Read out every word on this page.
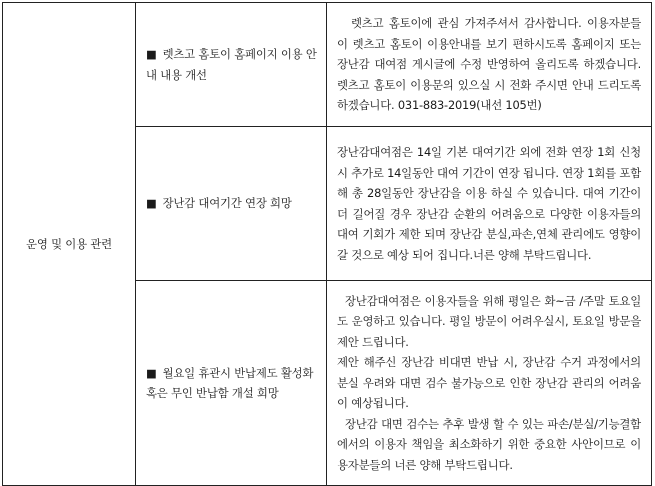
운영 및 이용 관련	■ 렛츠고 홈토이 홈페이지 이용 안내 내용 개선	렛츠고 홈토이에 관심 가져주셔서 감사합니다. 이용자분들이 렛츠고 홈토이 이용안내를 보기 편하시도록 홈페이지 또는 장난감 대여점 게시글에 수정 반영하여 올리도록 하겠습니다. 렛츠고 홈토이 이용문의 있으실 시 전화 주시면 안내 드리도록 하겠습니다. 031-883-2019(내선 105번)

	■ 장난감 대여기간 연장 희망	장난감대여점은 14일 기본 대여기간 외에 전화 연장 1회 신청 시 추가로 14일동안 대여 기간이 연장 됩니다. 연장 1회를 포함해 총 28일동안 장난감을 이용 하실 수 있습니다. 대여 기간이 더 길어질 경우 장난감 순환의 어려움으로 다양한 이용자들의 대여 기회가 제한 되며 장난감 분실,파손,연체 관리에도 영향이 갈 것으로 예상 되어 집니다.너른 양해 부탁드립니다.

	■ 월요일 휴관시 반납제도 활성화 혹은 무인 반납함 개설 희망	장난감대여점은 이용자들을 위해 평일은 화~금 /주말 토요일도 운영하고 있습니다. 평일 방문이 어려우실시, 토요일 방문을 제안 드립니다.

제안 해주신 장난감 비대면 반납 시, 장난감 수거 과정에서의 분실 우려와 대면 검수 불가능으로 인한 장난감 관리의 어려움이 예상됩니다.

장난감 대면 검수는 추후 발생 할 수 있는 파손/분실/기능결함에서의 이용자 책임을 최소화하기 위한 중요한 사안이므로 이용자분들의 너른 양해 부탁드립니다.
